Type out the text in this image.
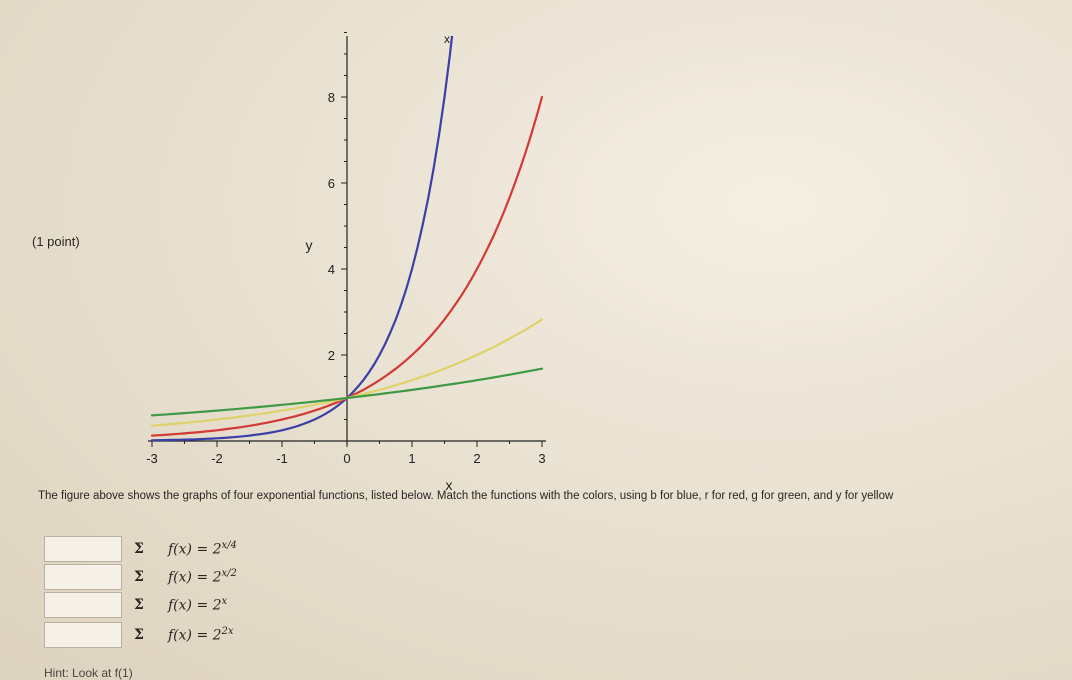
(1 point)
-3	-2	-1	0	1	2	3
2
4
6
8
x
y
x
The figure above shows the graphs of four exponential functions, listed below. Match the functions with the colors, using b for blue, r for red, g for green, and y for yellow
Σ	$f(x) = 2^{x/4}$
Σ	$f(x) = 2^{x/2}$
Σ	$f(x) = 2^x$
Σ	$f(x) = 2^{2x}$
Hint: Look at f(1)
